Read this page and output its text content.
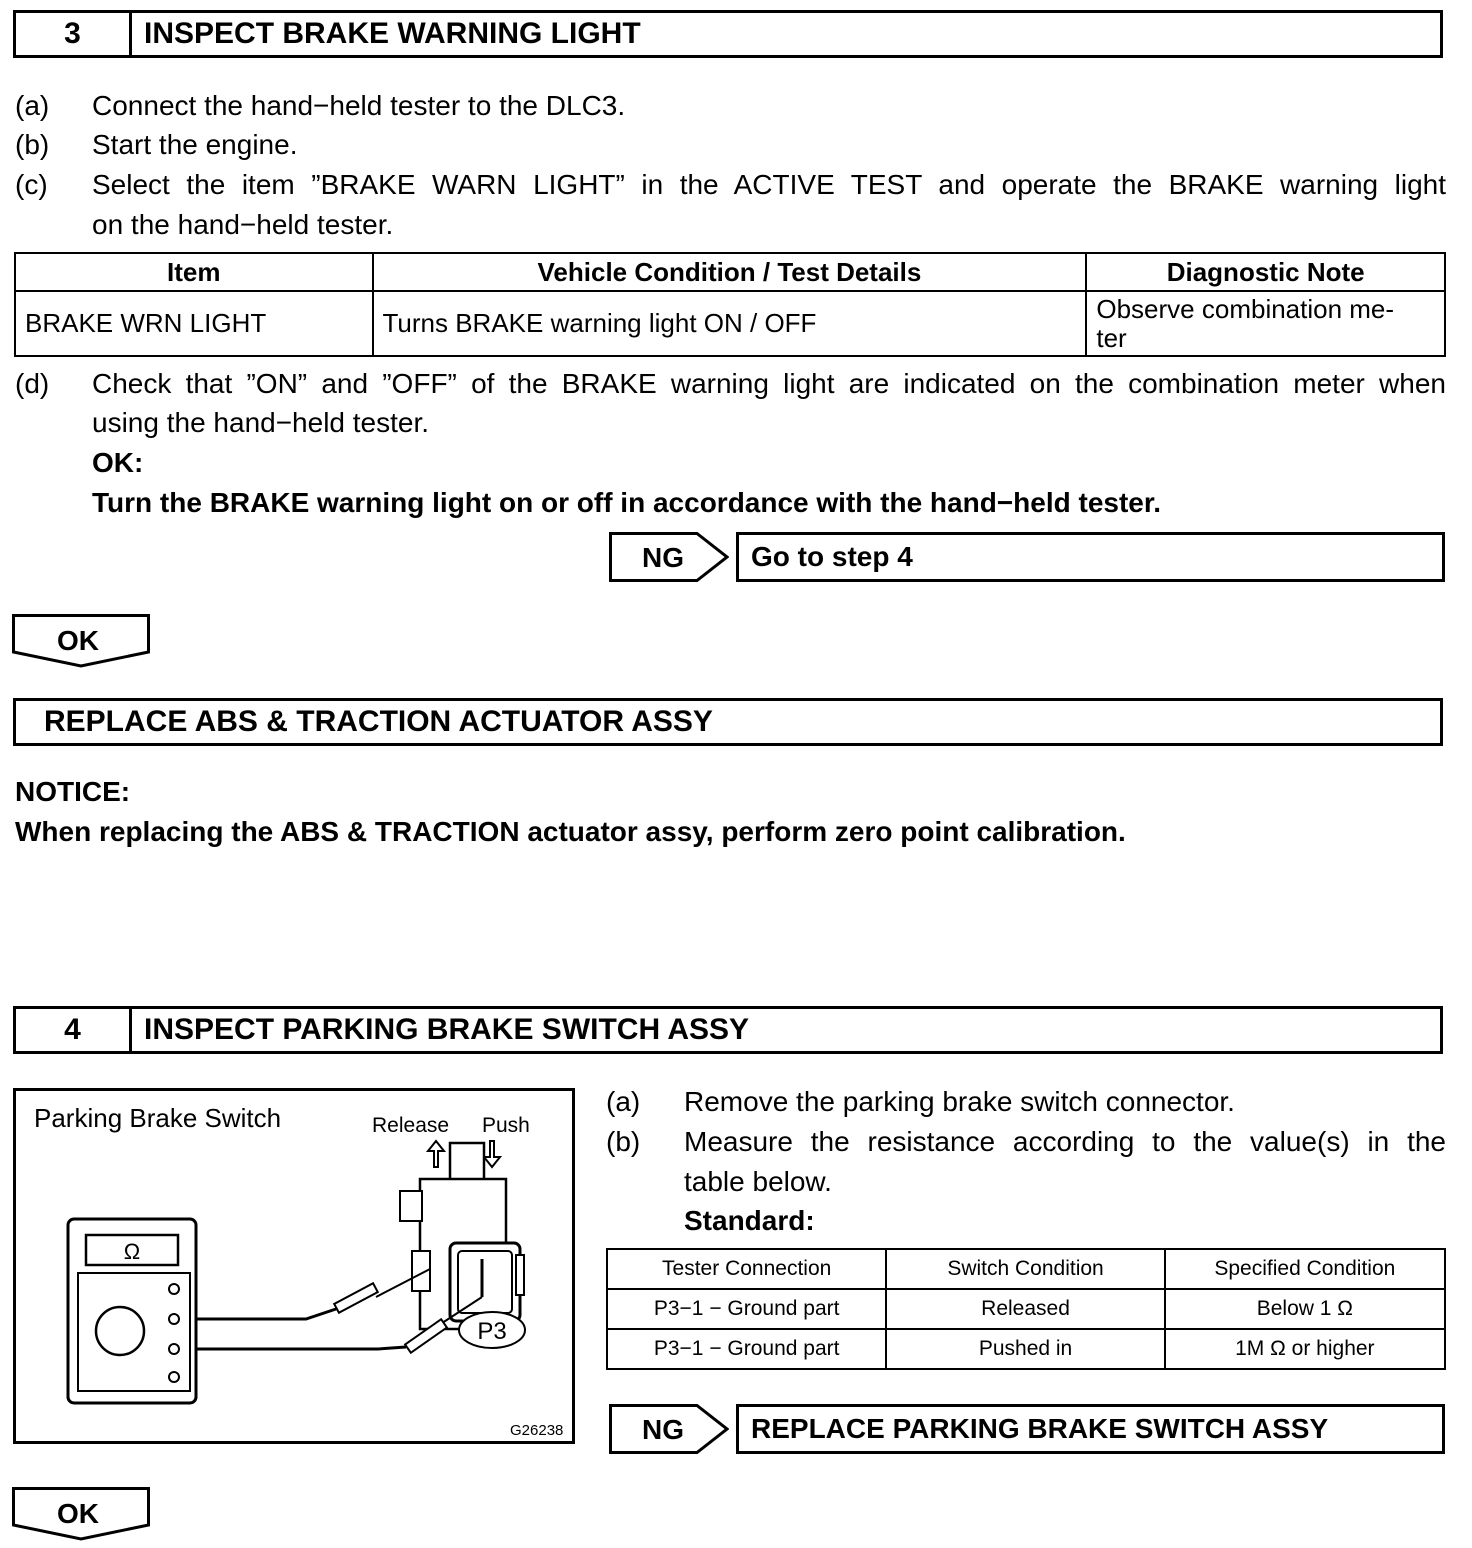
3	INSPECT BRAKE WARNING LIGHT
(a) Connect the hand−held tester to the DLC3.
(b) Start the engine.
(c) Select the item ”BRAKE WARN LIGHT” in the ACTIVE TEST and operate the BRAKE warning light
on the hand−held tester.
Item	Vehicle Condition / Test Details	Diagnostic Note
BRAKE WRN LIGHT	Turns BRAKE warning light ON / OFF	Observe combination me-
ter
(d) Check that ”ON” and ”OFF” of the BRAKE warning light are indicated on the combination meter when
using the hand−held tester.
OK:
Turn the BRAKE warning light on or off in accordance with the hand−held tester.
NG	Go to step 4
OK
REPLACE ABS & TRACTION ACTUATOR ASSY
NOTICE:
When replacing the ABS & TRACTION actuator assy, perform zero point calibration.
4	INSPECT PARKING BRAKE SWITCH ASSY
Parking Brake Switch	Release Push
P3
Ω
G26238
(a) Remove the parking brake switch connector.
(b) Measure the resistance according to the value(s) in the
table below.
Standard:
Tester Connection	Switch Condition	Specified Condition
P3−1 − Ground part	Released	Below 1 Ω
P3−1 − Ground part	Pushed in	1M Ω or higher
NG	REPLACE PARKING BRAKE SWITCH ASSY
OK
